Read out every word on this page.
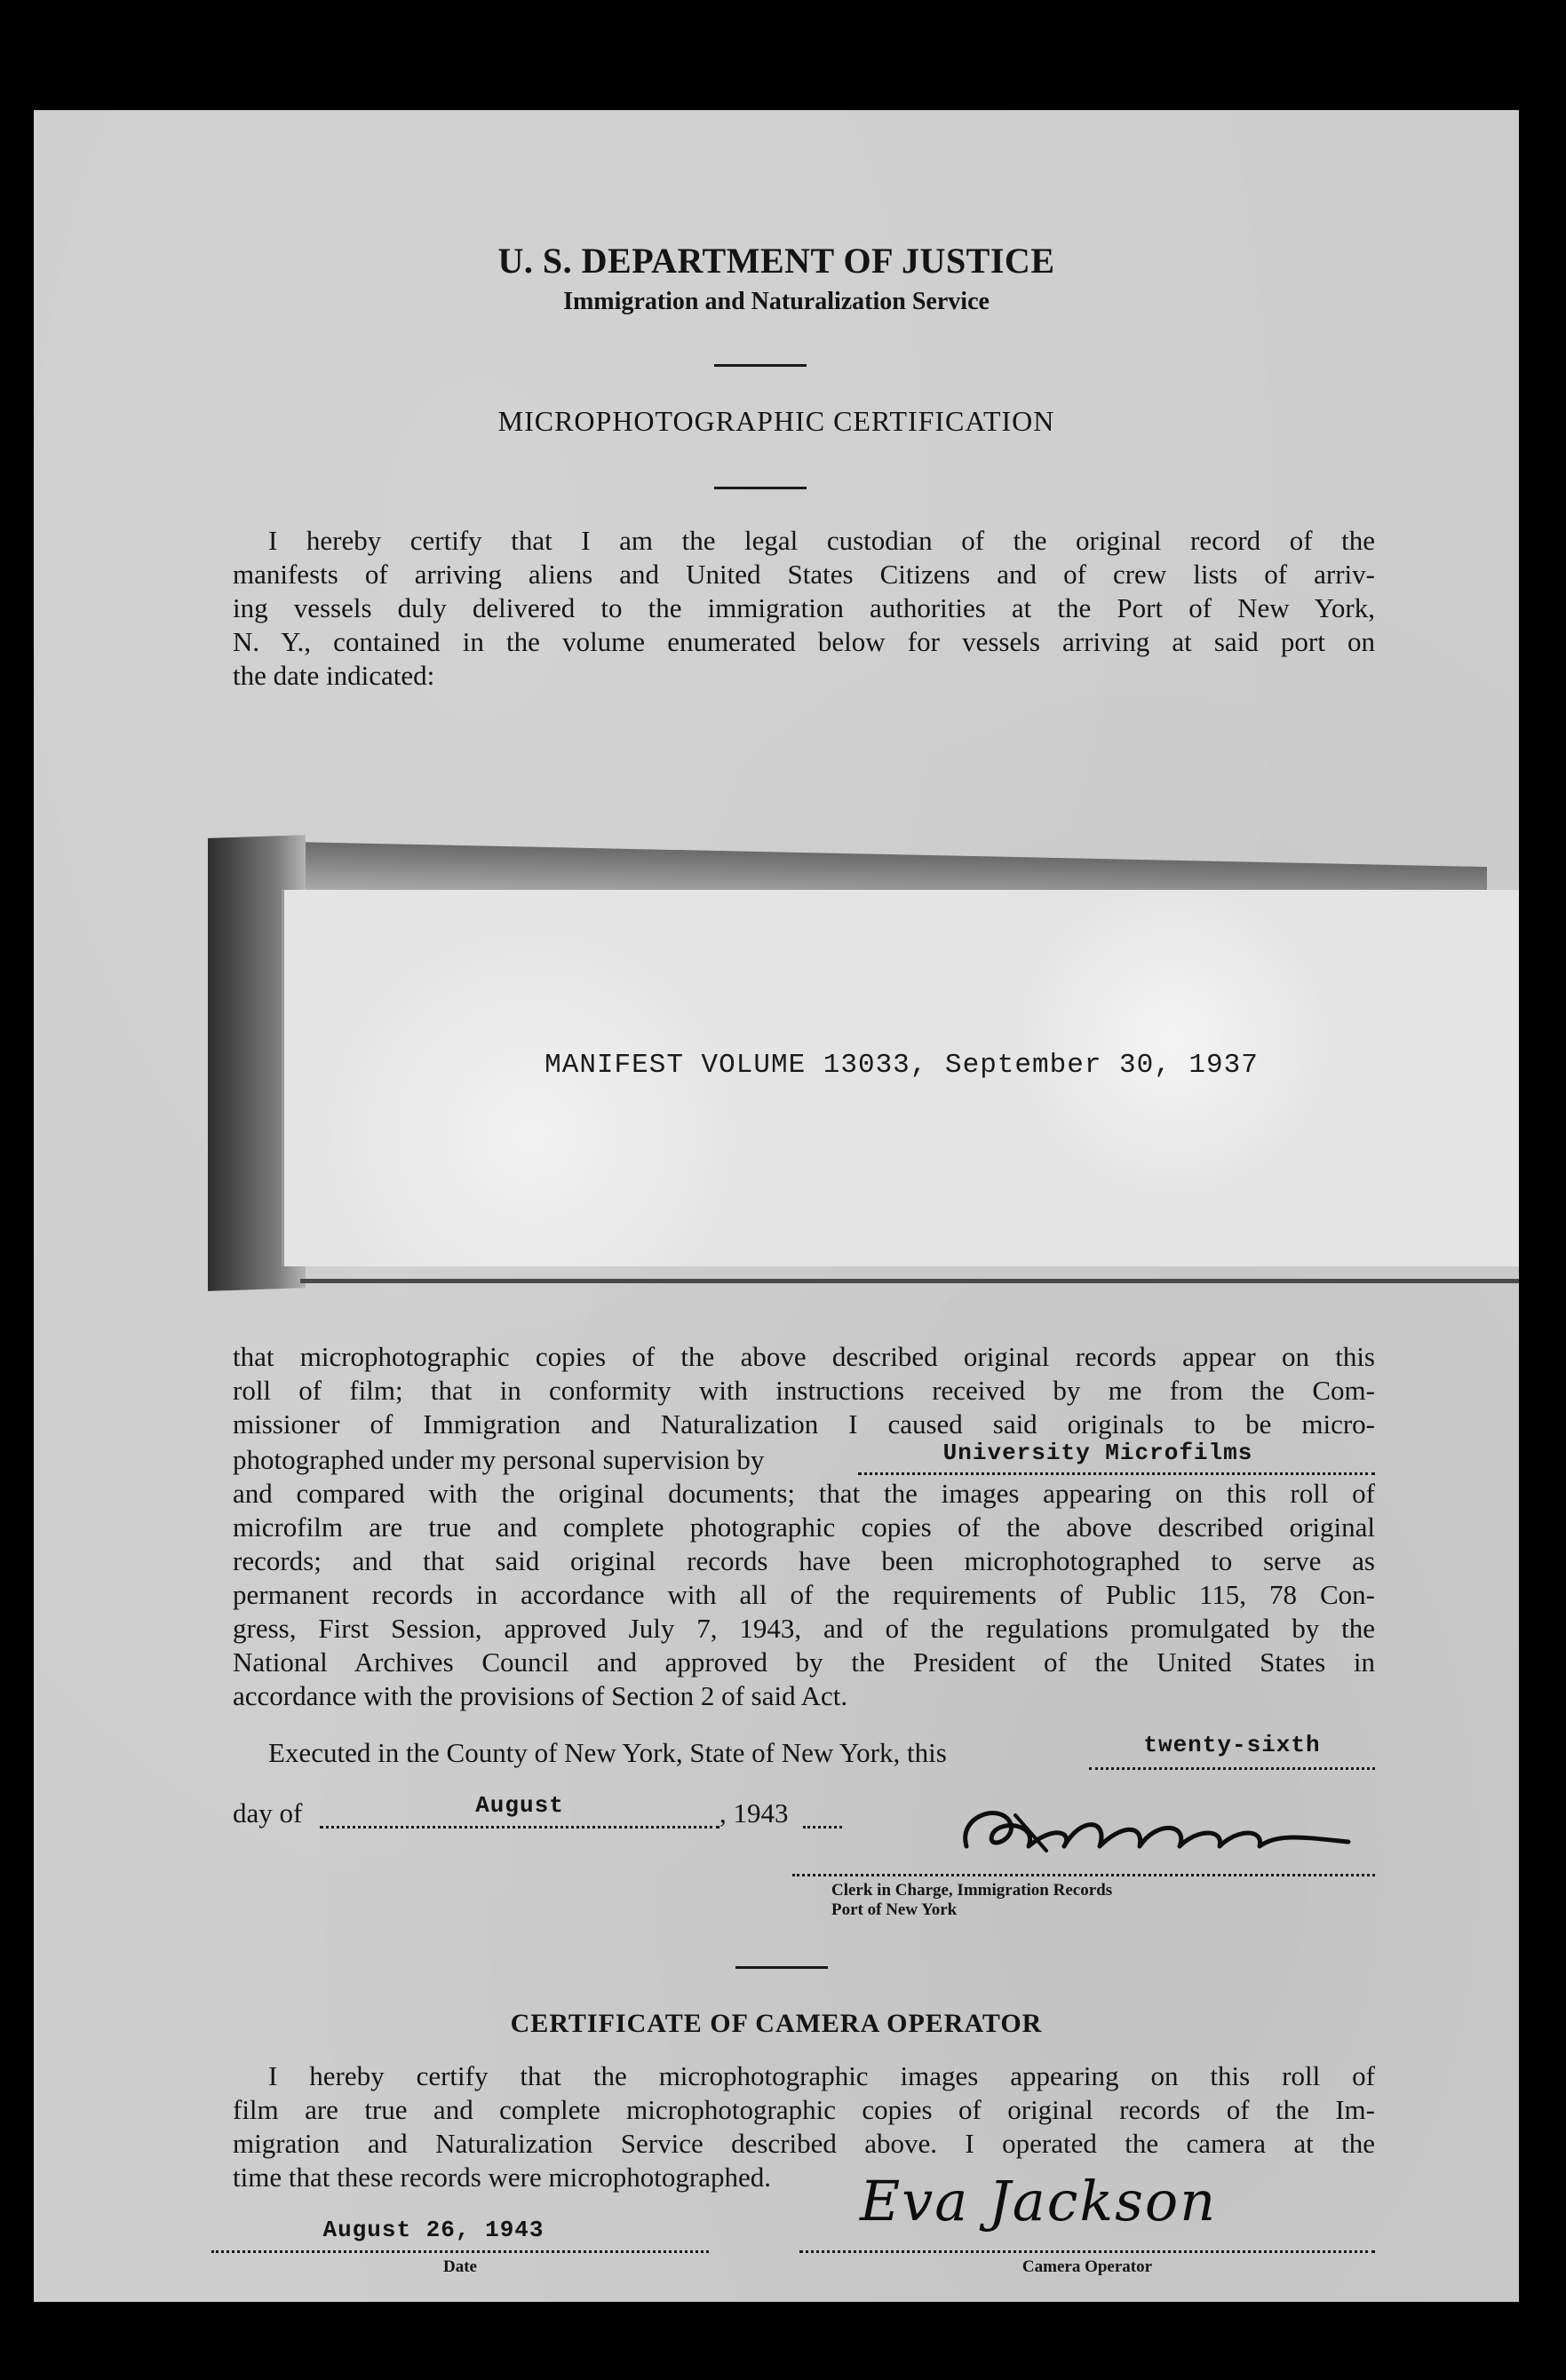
U. S. DEPARTMENT OF JUSTICE
Immigration and Naturalization Service
MICROPHOTOGRAPHIC CERTIFICATION
I hereby certify that I am the legal custodian of the original record of the
manifests of arriving aliens and United States Citizens and of crew lists of arriv-
ing vessels duly delivered to the immigration authorities at the Port of New York,
N. Y., contained in the volume enumerated below for vessels arriving at said port on
the date indicated:
MANIFEST VOLUME 13033, September 30, 1937
that microphotographic copies of the above described original records appear on this
roll of film; that in conformity with instructions received by me from the Com-
missioner of Immigration and Naturalization I caused said originals to be micro-
photographed under my personal supervision by	University Microfilms
and compared with the original documents; that the images appearing on this roll of
microfilm are true and complete photographic copies of the above described original
records; and that said original records have been microphotographed to serve as
permanent records in accordance with all of the requirements of Public 115, 78 Con-
gress, First Session, approved July 7, 1943, and of the regulations promulgated by the
National Archives Council and approved by the President of the United States in
accordance with the provisions of Section 2 of said Act.
Executed in the County of New York, State of New York, this	twenty-sixth
day of	August	, 1943
Clerk in Charge, Immigration Records
Port of New York
CERTIFICATE OF CAMERA OPERATOR
I hereby certify that the microphotographic images appearing on this roll of
film are true and complete microphotographic copies of original records of the Im-
migration and Naturalization Service described above. I operated the camera at the
time that these records were microphotographed.
August 26, 1943
Date
Eva Jackson
Camera Operator
